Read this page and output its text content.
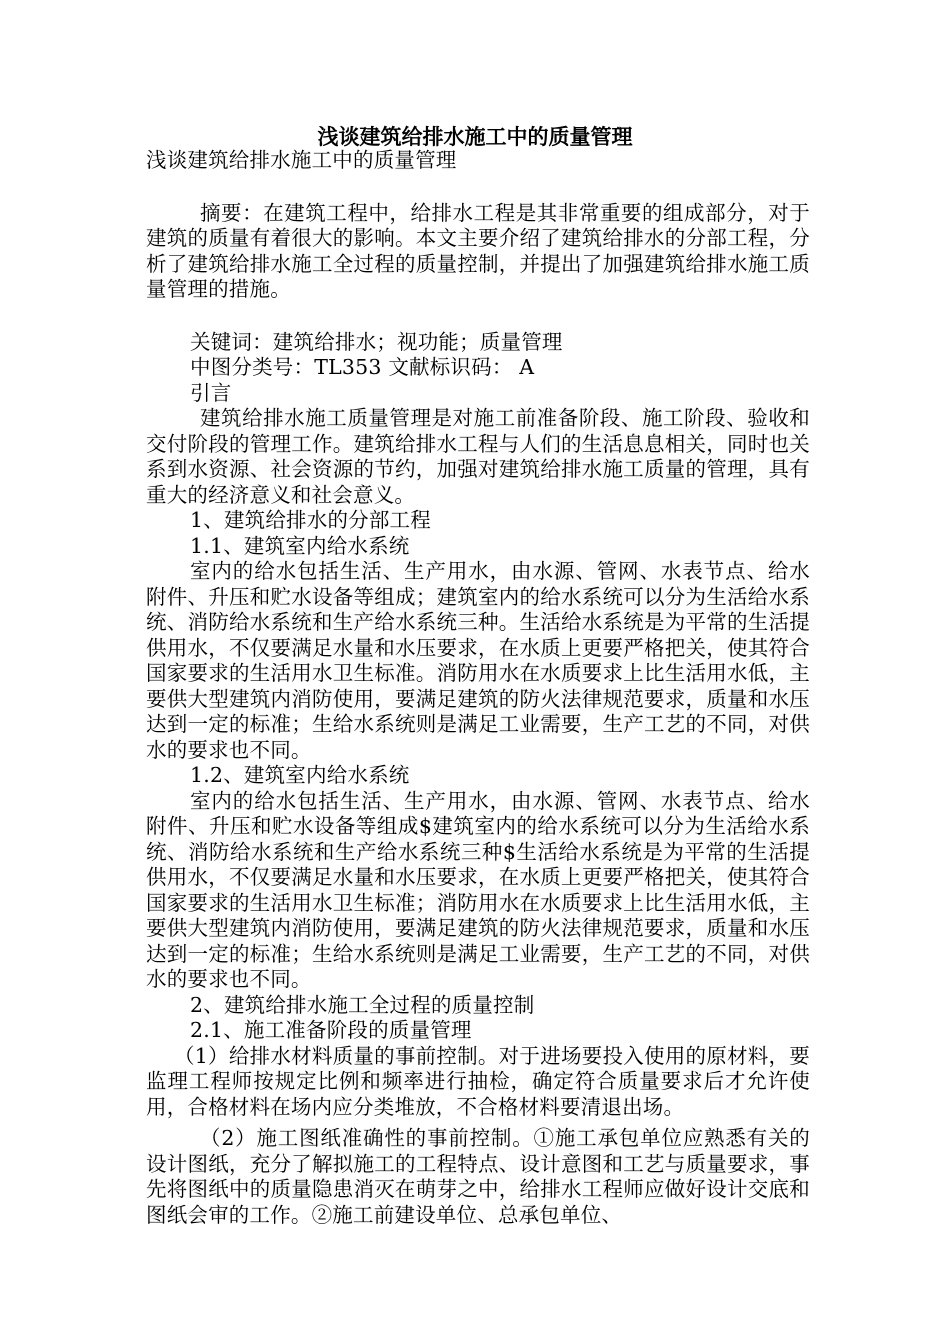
浅谈建筑给排水施工中的质量管理

浅谈建筑给排水施工中的质量管理

摘要：在建筑工程中，给排水工程是其非常重要的组成部分，对于建筑的质量有着很大的影响。本文主要介绍了建筑给排水的分部工程，分析了建筑给排水施工全过程的质量控制，并提出了加强建筑给排水施工质量管理的措施。

关键词：建筑给排水；视功能；质量管理

中图分类号：TL353 文献标识码： A

引言

建筑给排水施工质量管理是对施工前准备阶段、施工阶段、验收和交付阶段的管理工作。建筑给排水工程与人们的生活息息相关，同时也关系到水资源、社会资源的节约，加强对建筑给排水施工质量的管理，具有重大的经济意义和社会意义。

1、建筑给排水的分部工程

1.1、建筑室内给水系统

室内的给水包括生活、生产用水，由水源、管网、水表节点、给水附件、升压和贮水设备等组成；建筑室内的给水系统可以分为生活给水系统、消防给水系统和生产给水系统三种。生活给水系统是为平常的生活提供用水，不仅要满足水量和水压要求，在水质上更要严格把关，使其符合国家要求的生活用水卫生标准。消防用水在水质要求上比生活用水低，主要供大型建筑内消防使用，要满足建筑的防火法律规范要求，质量和水压达到一定的标准；生给水系统则是满足工业需要，生产工艺的不同，对供水的要求也不同。

1.2、建筑室内给水系统

室内的给水包括生活、生产用水，由水源、管网、水表节点、给水附件、升压和贮水设备等组成$建筑室内的给水系统可以分为生活给水系统、消防给水系统和生产给水系统三种$生活给水系统是为平常的生活提供用水，不仅要满足水量和水压要求，在水质上更要严格把关，使其符合国家要求的生活用水卫生标准；消防用水在水质要求上比生活用水低，主要供大型建筑内消防使用，要满足建筑的防火法律规范要求，质量和水压达到一定的标准；生给水系统则是满足工业需要，生产工艺的不同，对供水的要求也不同。

2、建筑给排水施工全过程的质量控制

2.1、施工准备阶段的质量管理

（1）给排水材料质量的事前控制。对于进场要投入使用的原材料，要监理工程师按规定比例和频率进行抽检，确定符合质量要求后才允许使用，合格材料在场内应分类堆放，不合格材料要清退出场。

（2）施工图纸准确性的事前控制。①施工承包单位应熟悉有关的设计图纸，充分了解拟施工的工程特点、设计意图和工艺与质量要求，事先将图纸中的质量隐患消灭在萌芽之中，给排水工程师应做好设计交底和图纸会审的工作。②施工前建设单位、总承包单位、
